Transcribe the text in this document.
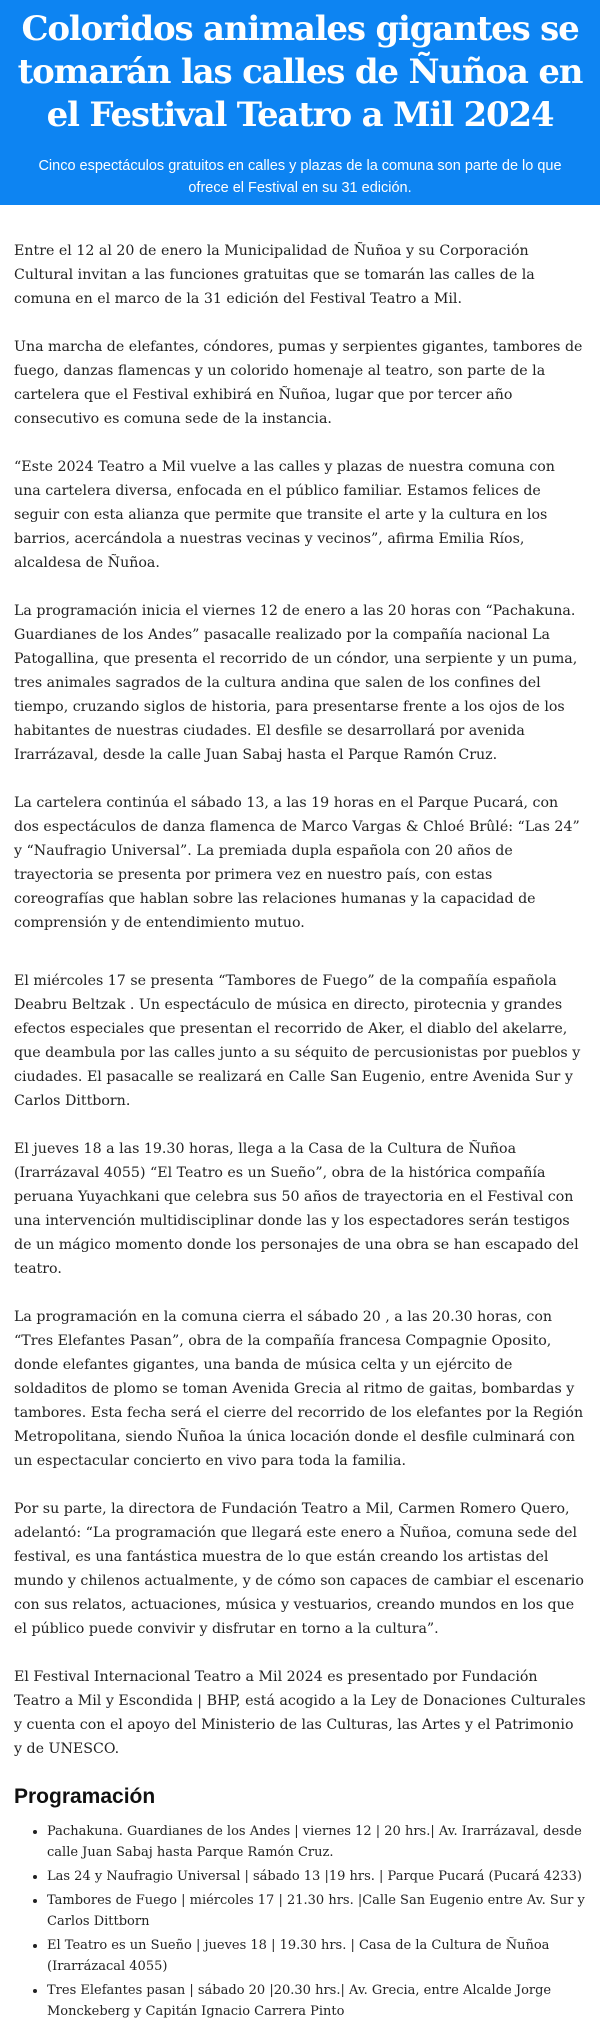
Coloridos animales gigantes se tomarán las calles de Ñuñoa en el Festival Teatro a Mil 2024

Cinco espectáculos gratuitos en calles y plazas de la comuna son parte de lo que ofrece el Festival en su 31 edición.

Entre el 12 al 20 de enero la Municipalidad de Ñuñoa y su Corporación Cultural invitan a las funciones gratuitas que se tomarán las calles de la comuna en el marco de la 31 edición del Festival Teatro a Mil.

Una marcha de elefantes, cóndores, pumas y serpientes gigantes, tambores de fuego, danzas flamencas y un colorido homenaje al teatro, son parte de la cartelera que el Festival exhibirá en Ñuñoa, lugar que por tercer año consecutivo es comuna sede de la instancia.

“Este 2024 Teatro a Mil vuelve a las calles y plazas de nuestra comuna con una cartelera diversa, enfocada en el público familiar. Estamos felices de seguir con esta alianza que permite que transite el arte y la cultura en los barrios, acercándola a nuestras vecinas y vecinos”, afirma Emilia Ríos, alcaldesa de Ñuñoa.

La programación inicia el viernes 12 de enero a las 20 horas con “Pachakuna. Guardianes de los Andes” pasacalle realizado por la compañía nacional La Patogallina, que presenta el recorrido de un cóndor, una serpiente y un puma, tres animales sagrados de la cultura andina que salen de los confines del tiempo, cruzando siglos de historia, para presentarse frente a los ojos de los habitantes de nuestras ciudades. El desfile se desarrollará por avenida Irarrázaval, desde la calle Juan Sabaj hasta el Parque Ramón Cruz.

La cartelera continúa el sábado 13, a las 19 horas en el Parque Pucará, con dos espectáculos de danza flamenca de Marco Vargas & Chloé Brûlé: “Las 24” y “Naufragio Universal”. La premiada dupla española con 20 años de trayectoria se presenta por primera vez en nuestro país, con estas coreografías que hablan sobre las relaciones humanas y la capacidad de comprensión y de entendimiento mutuo.

El miércoles 17 se presenta “Tambores de Fuego” de la compañía española Deabru Beltzak . Un espectáculo de música en directo, pirotecnia y grandes efectos especiales que presentan el recorrido de Aker, el diablo del akelarre, que deambula por las calles junto a su séquito de percusionistas por pueblos y ciudades. El pasacalle se realizará en Calle San Eugenio, entre Avenida Sur y Carlos Dittborn.

El jueves 18 a las 19.30 horas, llega a la Casa de la Cultura de Ñuñoa (Irarrázaval 4055) “El Teatro es un Sueño”, obra de la histórica compañía peruana Yuyachkani que celebra sus 50 años de trayectoria en el Festival con una intervención multidisciplinar donde las y los espectadores serán testigos de un mágico momento donde los personajes de una obra se han escapado del teatro.

La programación en la comuna cierra el sábado 20 , a las 20.30 horas, con “Tres Elefantes Pasan”, obra de la compañía francesa Compagnie Oposito, donde elefantes gigantes, una banda de música celta y un ejército de soldaditos de plomo se toman Avenida Grecia al ritmo de gaitas, bombardas y tambores. Esta fecha será el cierre del recorrido de los elefantes por la Región Metropolitana, siendo Ñuñoa la única locación donde el desfile culminará con un espectacular concierto en vivo para toda la familia.

Por su parte, la directora de Fundación Teatro a Mil, Carmen Romero Quero, adelantó: “La programación que llegará este enero a Ñuñoa, comuna sede del festival, es una fantástica muestra de lo que están creando los artistas del mundo y chilenos actualmente, y de cómo son capaces de cambiar el escenario con sus relatos, actuaciones, música y vestuarios, creando mundos en los que el público puede convivir y disfrutar en torno a la cultura”.

El Festival Internacional Teatro a Mil 2024 es presentado por Fundación Teatro a Mil y Escondida | BHP, está acogido a la Ley de Donaciones Culturales y cuenta con el apoyo del Ministerio de las Culturas, las Artes y el Patrimonio y de UNESCO.

Programación
• Pachakuna. Guardianes de los Andes | viernes 12 | 20 hrs.| Av. Irarrázaval, desde calle Juan Sabaj hasta Parque Ramón Cruz.
• Las 24 y Naufragio Universal | sábado 13 |19 hrs. | Parque Pucará (Pucará 4233)
• Tambores de Fuego | miércoles 17 | 21.30 hrs. |Calle San Eugenio entre Av. Sur y Carlos Dittborn
• El Teatro es un Sueño | jueves 18 | 19.30 hrs. | Casa de la Cultura de Ñuñoa (Irarrázacal 4055)
• Tres Elefantes pasan | sábado 20 |20.30 hrs.| Av. Grecia, entre Alcalde Jorge Monckeberg y Capitán Ignacio Carrera Pinto
